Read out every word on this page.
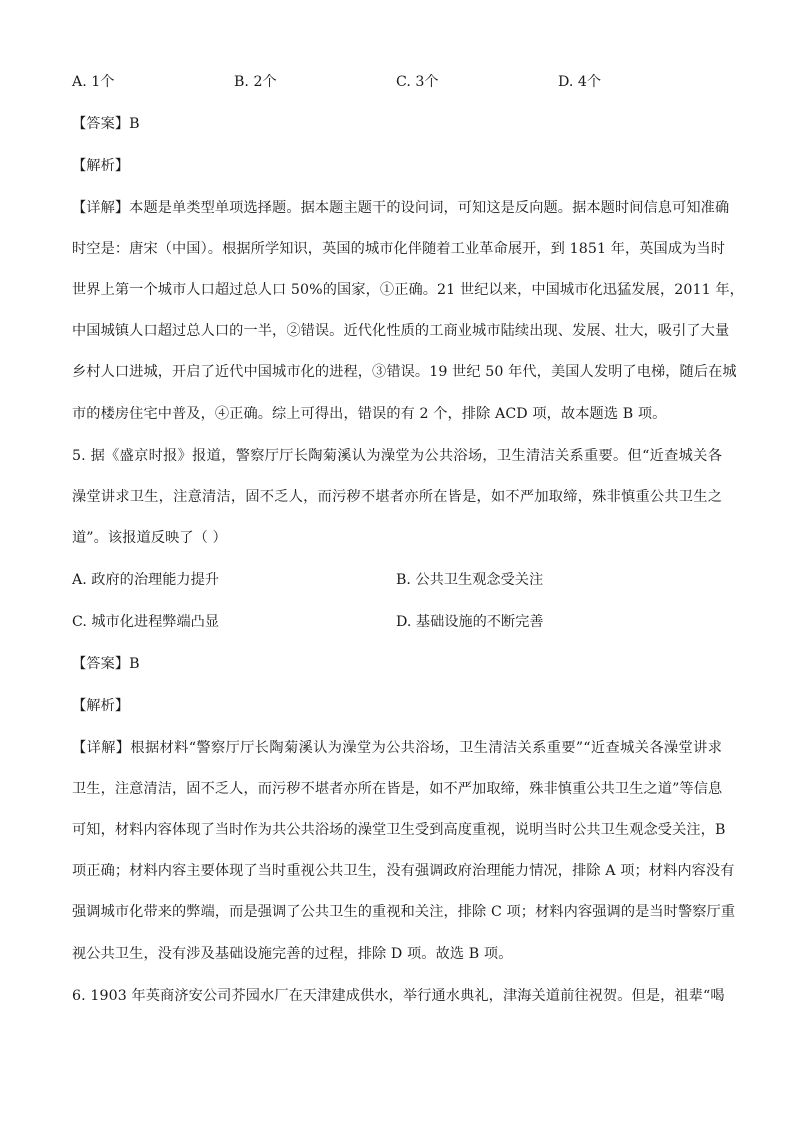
A. 1个	B. 2个	C. 3个	D. 4个
【答案】B
【解析】
【详解】本题是单类型单项选择题。据本题主题干的设问词，可知这是反向题。据本题时间信息可知准确
时空是：唐宋（中国）。根据所学知识，英国的城市化伴随着工业革命展开，到 1851 年，英国成为当时
世界上第一个城市人口超过总人口 50%的国家，①正确。21 世纪以来，中国城市化迅猛发展，2011 年，
中国城镇人口超过总人口的一半，②错误。近代化性质的工商业城市陆续出现、发展、壮大，吸引了大量
乡村人口进城，开启了近代中国城市化的进程，③错误。19 世纪 50 年代，美国人发明了电梯，随后在城
市的楼房住宅中普及，④正确。综上可得出，错误的有 2 个，排除 ACD 项，故本题选 B 项。
5. 据《盛京时报》报道，警察厅厅长陶菊溪认为澡堂为公共浴场，卫生清洁关系重要。但“近查城关各
澡堂讲求卫生，注意清洁，固不乏人，而污秽不堪者亦所在皆是，如不严加取缔，殊非慎重公共卫生之
道”。该报道反映了（ ）
A. 政府的治理能力提升	B. 公共卫生观念受关注
C. 城市化进程弊端凸显	D. 基础设施的不断完善
【答案】B
【解析】
【详解】根据材料“警察厅厅长陶菊溪认为澡堂为公共浴场，卫生清洁关系重要”“近查城关各澡堂讲求
卫生，注意清洁，固不乏人，而污秽不堪者亦所在皆是，如不严加取缔，殊非慎重公共卫生之道”等信息
可知，材料内容体现了当时作为共公共浴场的澡堂卫生受到高度重视，说明当时公共卫生观念受关注，B
项正确；材料内容主要体现了当时重视公共卫生，没有强调政府治理能力情况，排除 A 项；材料内容没有
强调城市化带来的弊端，而是强调了公共卫生的重视和关注，排除 C 项；材料内容强调的是当时警察厅重
视公共卫生，没有涉及基础设施完善的过程，排除 D 项。故选 B 项。
6. 1903 年英商济安公司芥园水厂在天津建成供水，举行通水典礼，津海关道前往祝贺。但是，祖辈“喝
